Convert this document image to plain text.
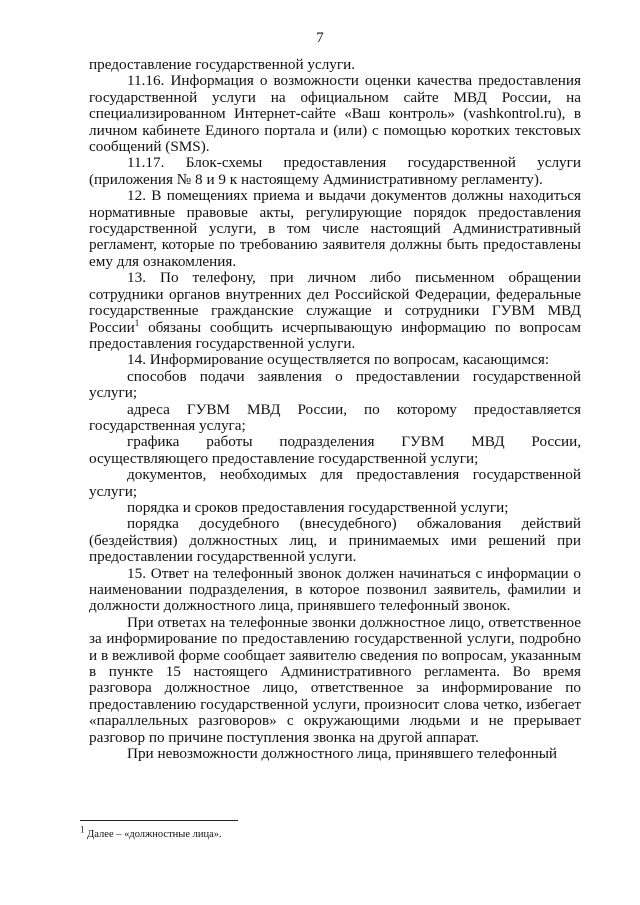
7

предоставление государственной услуги.

11.16. Информация о возможности оценки качества предоставления государственной услуги на официальном сайте МВД России, на специализированном Интернет-сайте «Ваш контроль» (vashkontrol.ru), в личном кабинете Единого портала и (или) с помощью коротких текстовых сообщений (SMS).

11.17. Блок-схемы предоставления государственной услуги (приложения № 8 и 9 к настоящему Административному регламенту).

12. В помещениях приема и выдачи документов должны находиться нормативные правовые акты, регулирующие порядок предоставления государственной услуги, в том числе настоящий Административный регламент, которые по требованию заявителя должны быть предоставлены ему для ознакомления.

13. По телефону, при личном либо письменном обращении сотрудники органов внутренних дел Российской Федерации, федеральные государственные гражданские служащие и сотрудники ГУВМ МВД России$^1$ обязаны сообщить исчерпывающую информацию по вопросам предоставления государственной услуги.

14. Информирование осуществляется по вопросам, касающимся:

способов подачи заявления о предоставлении государственной услуги;

адреса ГУВМ МВД России, по которому предоставляется государственная услуга;

графика работы подразделения ГУВМ МВД России, осуществляющего предоставление государственной услуги;

документов, необходимых для предоставления государственной услуги;

порядка и сроков предоставления государственной услуги;

порядка досудебного (внесудебного) обжалования действий (бездействия) должностных лиц, и принимаемых ими решений при предоставлении государственной услуги.

15. Ответ на телефонный звонок должен начинаться с информации о наименовании подразделения, в которое позвонил заявитель, фамилии и должности должностного лица, принявшего телефонный звонок.

При ответах на телефонные звонки должностное лицо, ответственное за информирование по предоставлению государственной услуги, подробно и в вежливой форме сообщает заявителю сведения по вопросам, указанным в пункте 15 настоящего Административного регламента. Во время разговора должностное лицо, ответственное за информирование по предоставлению государственной услуги, произносит слова четко, избегает «параллельных разговоров» с окружающими людьми и не прерывает разговор по причине поступления звонка на другой аппарат.

При невозможности должностного лица, принявшего телефонный

$^1$ Далее – «должностные лица».
